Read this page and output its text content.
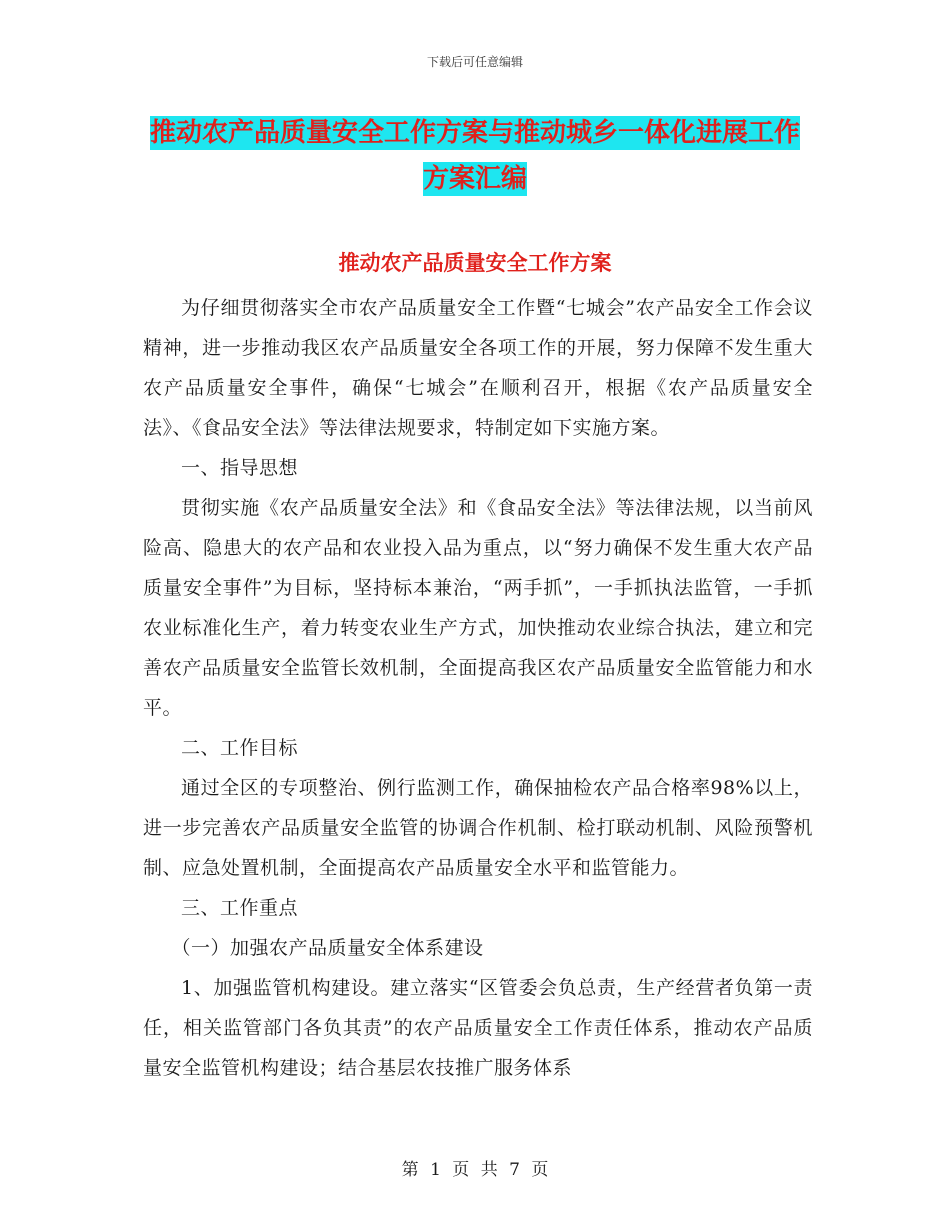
下载后可任意编辑
推动农产品质量安全工作方案与推动城乡一体化进展工作方案汇编
推动农产品质量安全工作方案

为仔细贯彻落实全市农产品质量安全工作暨“七城会”农产品安全工作会议精神，进一步推动我区农产品质量安全各项工作的开展，努力保障不发生重大农产品质量安全事件，确保“七城会”在顺利召开，根据《农产品质量安全法》、《食品安全法》等法律法规要求，特制定如下实施方案。

一、指导思想

贯彻实施《农产品质量安全法》和《食品安全法》等法律法规，以当前风险高、隐患大的农产品和农业投入品为重点，以“努力确保不发生重大农产品质量安全事件”为目标，坚持标本兼治，“两手抓”，一手抓执法监管，一手抓农业标准化生产，着力转变农业生产方式，加快推动农业综合执法，建立和完善农产品质量安全监管长效机制，全面提高我区农产品质量安全监管能力和水平。

二、工作目标

通过全区的专项整治、例行监测工作，确保抽检农产品合格率98%以上，进一步完善农产品质量安全监管的协调合作机制、检打联动机制、风险预警机制、应急处置机制，全面提高农产品质量安全水平和监管能力。

三、工作重点

（一）加强农产品质量安全体系建设

1、加强监管机构建设。建立落实“区管委会负总责，生产经营者负第一责任，相关监管部门各负其责”的农产品质量安全工作责任体系，推动农产品质量安全监管机构建设；结合基层农技推广服务体系

第 1 页 共 7 页
